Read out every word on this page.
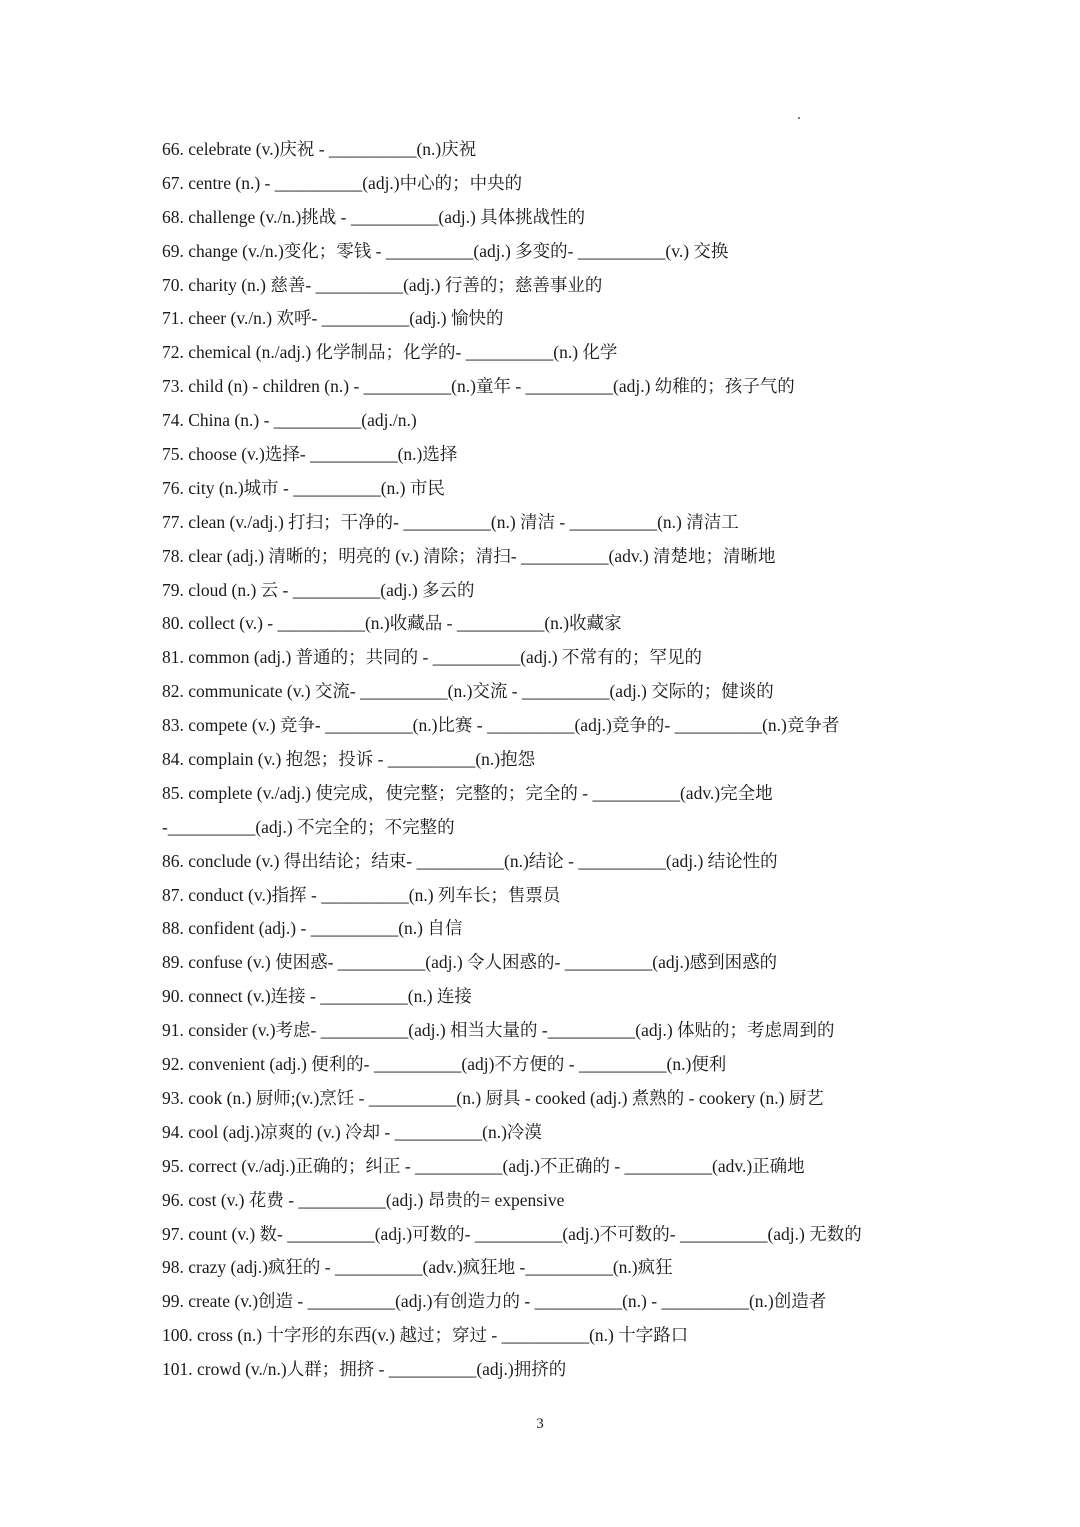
66. celebrate (v.)庆祝 - __________(n.)庆祝
67. centre (n.) - __________(adj.)中心的；中央的
68. challenge (v./n.)挑战 - __________(adj.) 具体挑战性的
69. change (v./n.)变化；零钱 - __________(adj.) 多变的- __________(v.) 交换
70. charity (n.) 慈善- __________(adj.) 行善的；慈善事业的
71. cheer (v./n.) 欢呼- __________(adj.) 愉快的
72. chemical (n./adj.) 化学制品；化学的- __________(n.) 化学
73. child (n) - children (n.) - __________(n.)童年 - __________(adj.) 幼稚的；孩子气的
74. China (n.) - __________(adj./n.)
75. choose (v.)选择- __________(n.)选择
76. city (n.)城市 - __________(n.) 市民
77. clean (v./adj.) 打扫；干净的- __________(n.) 清洁 - __________(n.) 清洁工
78. clear (adj.) 清晰的；明亮的 (v.) 清除；清扫- __________(adv.) 清楚地；清晰地
79. cloud (n.) 云 - __________(adj.) 多云的
80. collect (v.) - __________(n.)收藏品 - __________(n.)收藏家
81. common (adj.) 普通的；共同的 - __________(adj.) 不常有的；罕见的
82. communicate (v.) 交流- __________(n.)交流 - __________(adj.) 交际的；健谈的
83. compete (v.) 竞争- __________(n.)比赛 - __________(adj.)竞争的- __________(n.)竞争者
84. complain (v.) 抱怨；投诉 - __________(n.)抱怨
85. complete (v./adj.) 使完成，使完整；完整的；完全的 - __________(adv.)完全地
-__________(adj.) 不完全的；不完整的
86. conclude (v.) 得出结论；结束- __________(n.)结论 - __________(adj.) 结论性的
87. conduct (v.)指挥 - __________(n.) 列车长；售票员
88. confident (adj.) - __________(n.) 自信
89. confuse (v.) 使困惑- __________(adj.) 令人困惑的- __________(adj.)感到困惑的
90. connect (v.)连接 - __________(n.) 连接
91. consider (v.)考虑- __________(adj.) 相当大量的 -__________(adj.) 体贴的；考虑周到的
92. convenient (adj.) 便利的- __________(adj)不方便的 - __________(n.)便利
93. cook (n.) 厨师;(v.)烹饪 - __________(n.) 厨具 - cooked (adj.) 煮熟的 - cookery (n.) 厨艺
94. cool (adj.)凉爽的 (v.) 冷却 - __________(n.)冷漠
95. correct (v./adj.)正确的；纠正 - __________(adj.)不正确的 - __________(adv.)正确地
96. cost (v.) 花费 - __________(adj.) 昂贵的= expensive
97. count (v.) 数- __________(adj.)可数的- __________(adj.)不可数的- __________(adj.) 无数的
98. crazy (adj.)疯狂的 - __________(adv.)疯狂地 -__________(n.)疯狂
99. create (v.)创造 - __________(adj.)有创造力的 - __________(n.) - __________(n.)创造者
100. cross (n.) 十字形的东西(v.) 越过；穿过 - __________(n.) 十字路口
101. crowd (v./n.)人群；拥挤 - __________(adj.)拥挤的
3
